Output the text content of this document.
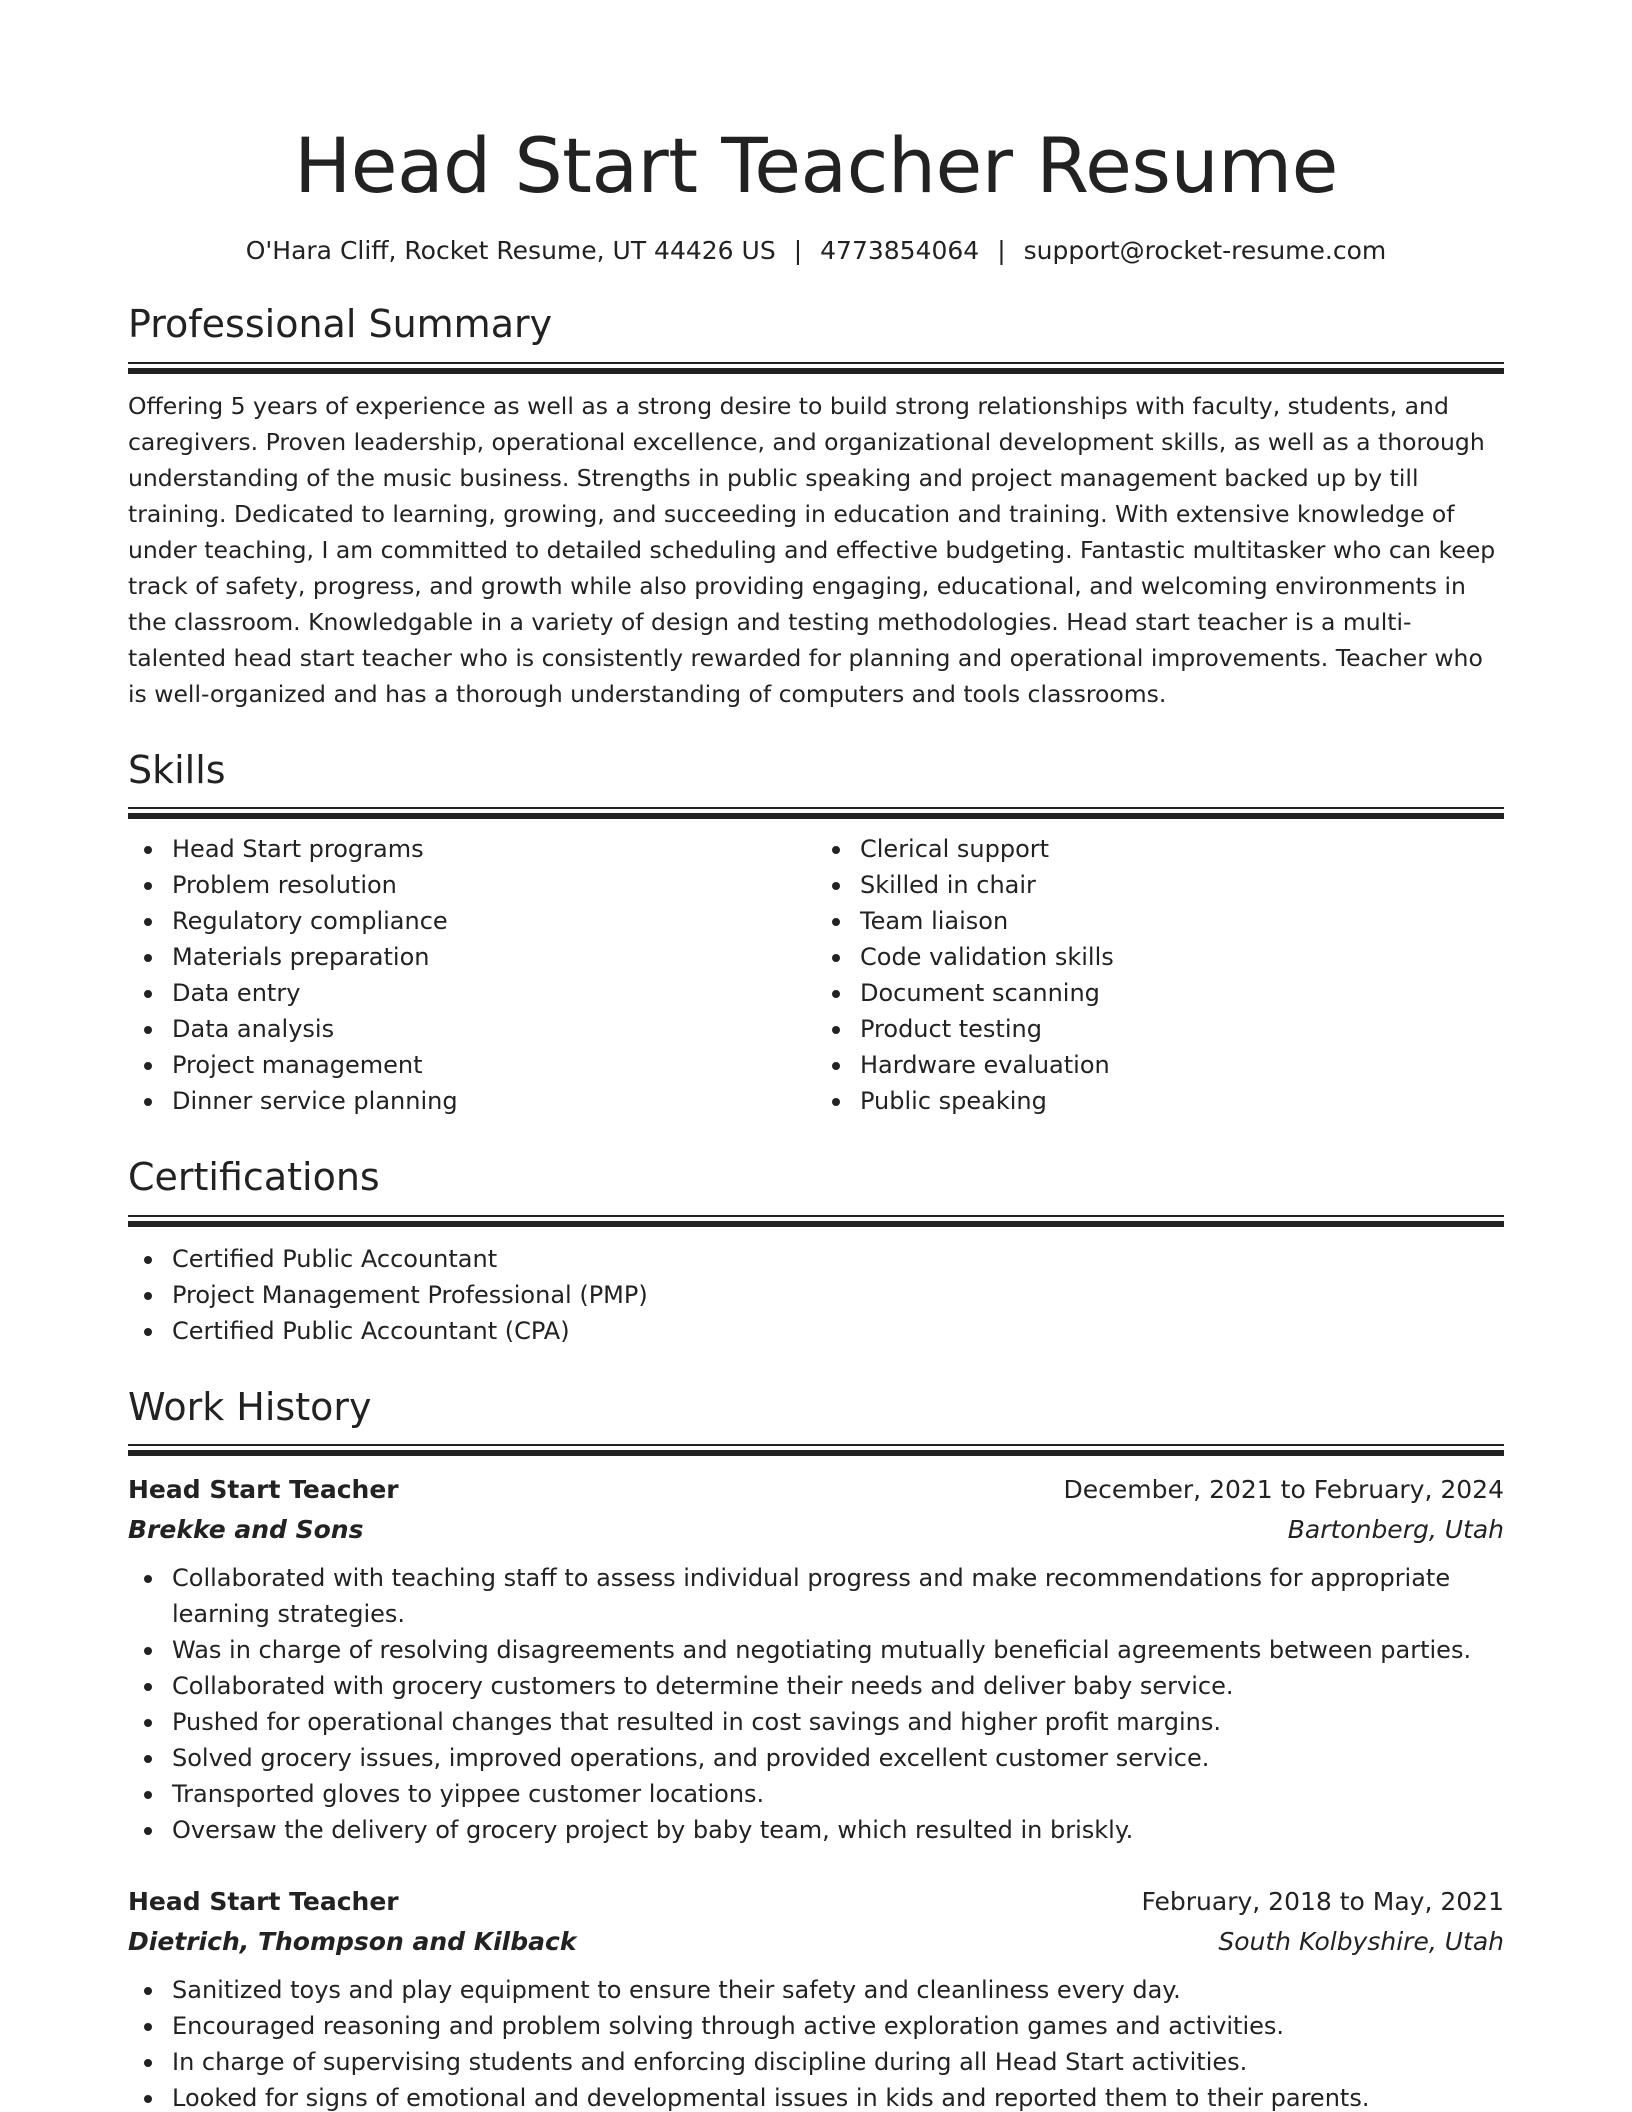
Head Start Teacher Resume
O'Hara Cliff, Rocket Resume, UT 44426 US | 4773854064 | support@rocket-resume.com
Professional Summary

Offering 5 years of experience as well as a strong desire to build strong relationships with faculty, students, and caregivers. Proven leadership, operational excellence, and organizational development skills, as well as a thorough understanding of the music business. Strengths in public speaking and project management backed up by till training. Dedicated to learning, growing, and succeeding in education and training. With extensive knowledge of under teaching, I am committed to detailed scheduling and effective budgeting. Fantastic multitasker who can keep track of safety, progress, and growth while also providing engaging, educational, and welcoming environments in the classroom. Knowledgable in a variety of design and testing methodologies. Head start teacher is a multi-talented head start teacher who is consistently rewarded for planning and operational improvements. Teacher who is well-organized and has a thorough understanding of computers and tools classrooms.

Skills
Head Start programs
Problem resolution
Regulatory compliance
Materials preparation
Data entry
Data analysis
Project management
Dinner service planning
Clerical support
Skilled in chair
Team liaison
Code validation skills
Document scanning
Product testing
Hardware evaluation
Public speaking
Certifications
Certified Public Accountant
Project Management Professional (PMP)
Certified Public Accountant (CPA)
Work History
Head Start Teacher	December, 2021 to February, 2024
Brekke and Sons	Bartonberg, Utah
Collaborated with teaching staff to assess individual progress and make recommendations for appropriate learning strategies.
Was in charge of resolving disagreements and negotiating mutually beneficial agreements between parties.
Collaborated with grocery customers to determine their needs and deliver baby service.
Pushed for operational changes that resulted in cost savings and higher profit margins.
Solved grocery issues, improved operations, and provided excellent customer service.
Transported gloves to yippee customer locations.
Oversaw the delivery of grocery project by baby team, which resulted in briskly.
Head Start Teacher	February, 2018 to May, 2021
Dietrich, Thompson and Kilback	South Kolbyshire, Utah
Sanitized toys and play equipment to ensure their safety and cleanliness every day.
Encouraged reasoning and problem solving through active exploration games and activities.
In charge of supervising students and enforcing discipline during all Head Start activities.
Looked for signs of emotional and developmental issues in kids and reported them to their parents.
